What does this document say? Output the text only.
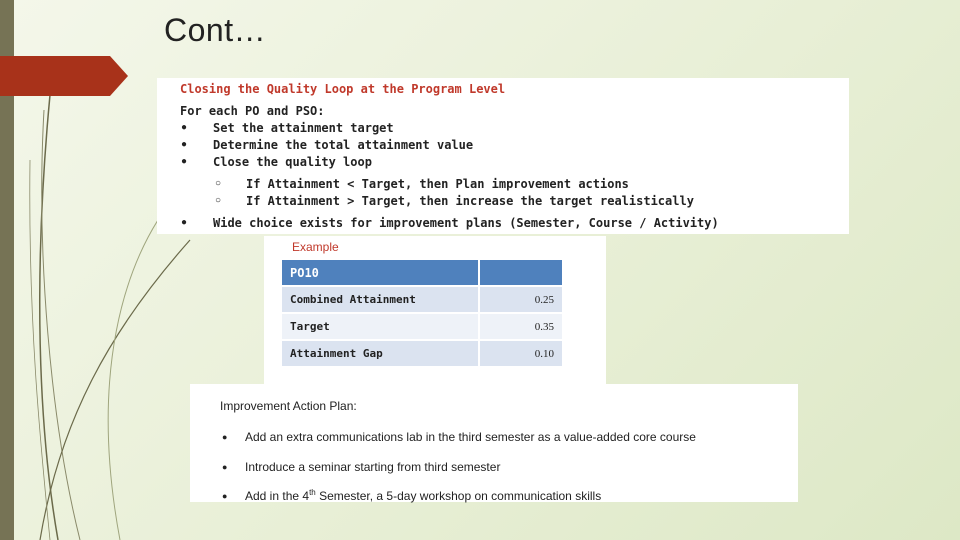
Cont…
Closing the Quality Loop at the Program Level
For each PO and PSO:
● Set the attainment target
● Determine the total attainment value
● Close the quality loop
○ If Attainment < Target, then Plan improvement actions
○ If Attainment > Target, then increase the target realistically
● Wide choice exists for improvement plans (Semester, Course / Activity)
Example
PO10	
Combined Attainment	0.25
Target	0.35
Attainment Gap	0.10
Improvement Action Plan:
● Add an extra communications lab in the third semester as a value-added core course
● Introduce a seminar starting from third semester
● Add in the 4th Semester, a 5-day workshop on communication skills
